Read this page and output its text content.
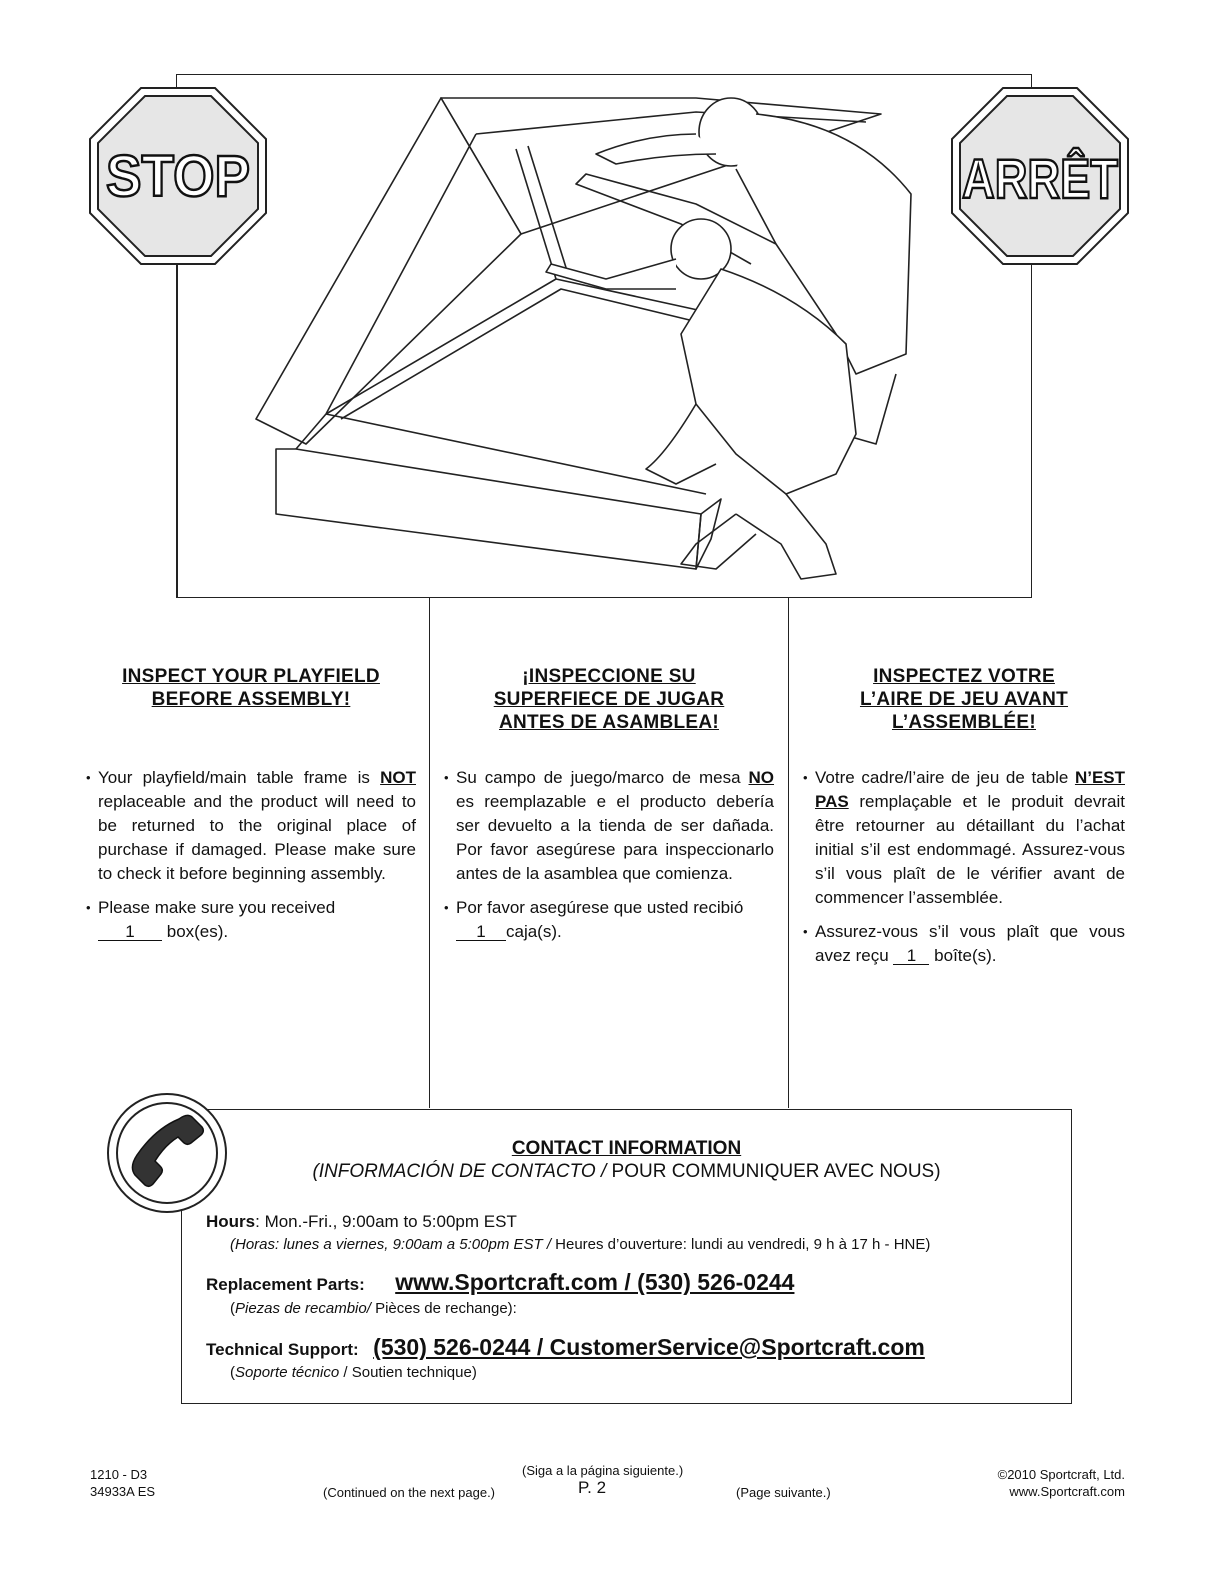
STOP	ARRÊT
INSPECT YOUR PLAYFIELD
BEFORE ASSEMBLY!
• Your playfield/main table frame is NOT replaceable and the product will need to be returned to the original place of purchase if damaged. Please make sure to check it before beginning assembly.
• Please make sure you received
1 box(es).
¡INSPECCIONE SU
SUPERFIECE DE JUGAR
ANTES DE ASAMBLEA!
• Su campo de juego/marco de mesa NO es reemplazable e el producto debería ser devuelto a la tienda de ser dañada. Por favor asegúrese para inspeccionarlo antes de la asamblea que comienza.
• Por favor asegúrese que usted recibió 1 caja(s).
INSPECTEZ VOTRE
L’AIRE DE JEU AVANT
L’ASSEMBLÉE!
• Votre cadre/l’aire de jeu de table N’EST PAS remplaçable et le produit devrait être retourner au détaillant du l’achat initial s’il est endommagé. Assurez-vous s’il vous plaît de le vérifier avant de commencer l’assemblée.
• Assurez-vous s’il vous plaît que vous avez reçu 1 boîte(s).
CONTACT INFORMATION
(INFORMACIÓN DE CONTACTO / POUR COMMUNIQUER AVEC NOUS)
Hours: Mon.-Fri., 9:00am to 5:00pm EST
(Horas: lunes a viernes, 9:00am a 5:00pm EST / Heures d’ouverture: lundi au vendredi, 9 h à 17 h - HNE)
Replacement Parts: www.Sportcraft.com / (530) 526-0244
(Piezas de recambio/ Pièces de rechange):
Technical Support: (530) 526-0244 / CustomerService@Sportcraft.com
(Soporte técnico / Soutien technique)
1210 - D3
34933A ES	(Continued on the next page.)
(Siga a la página siguiente.)
P. 2	(Page suivante.)
©2010 Sportcraft, Ltd.
www.Sportcraft.com
